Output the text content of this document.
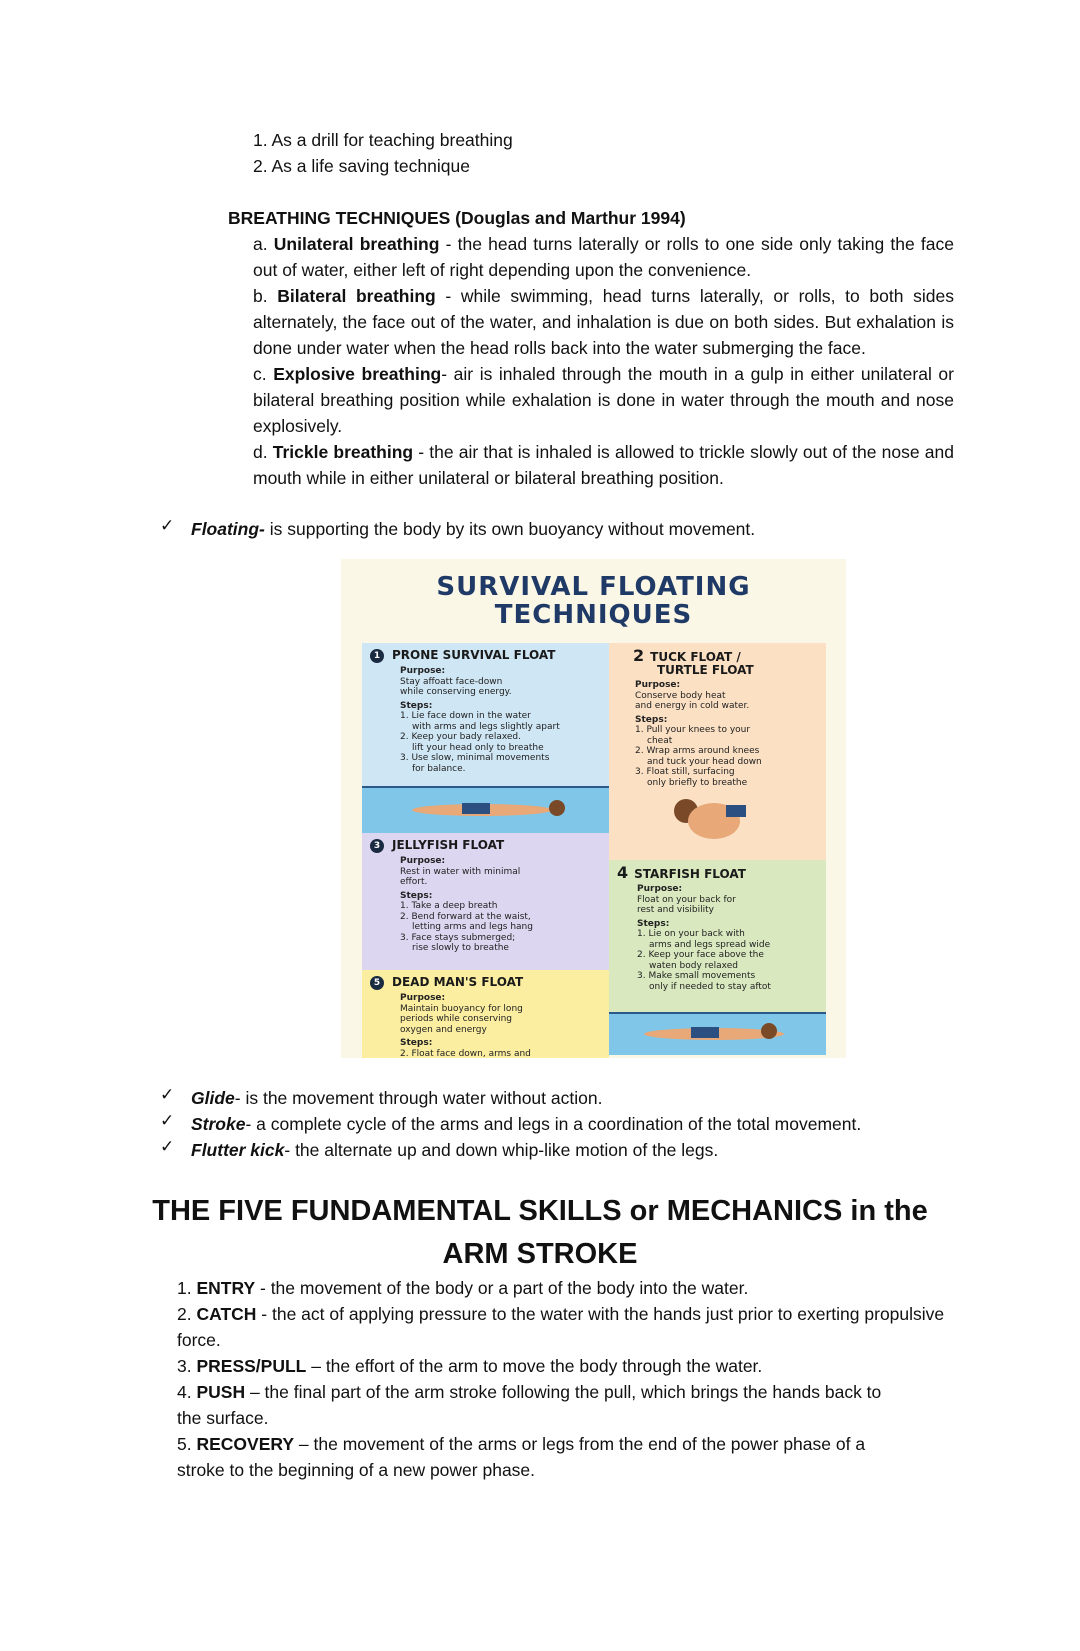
1. As a drill for teaching breathing
2. As a life saving technique
BREATHING TECHNIQUES (Douglas and Marthur 1994)
a. Unilateral breathing - the head turns laterally or rolls to one side only taking the face out of water, either left of right depending upon the convenience.
b. Bilateral breathing - while swimming, head turns laterally, or rolls, to both sides alternately, the face out of the water, and inhalation is due on both sides. But exhalation is done under water when the head rolls back into the water submerging the face.
c. Explosive breathing- air is inhaled through the mouth in a gulp in either unilateral or bilateral breathing position while exhalation is done in water through the mouth and nose explosively.
d. Trickle breathing - the air that is inhaled is allowed to trickle slowly out of the nose and mouth while in either unilateral or bilateral breathing position.
✓ Floating- is supporting the body by its own buoyancy without movement.
SURVIVAL FLOATING
TECHNIQUES
1 PRONE SURVIVAL FLOAT
Purpose:
Stay affoatt face-down
while conserving energy.
Steps:
1. Lie face down in the water
with arms and legs slightly apart
2. Keep your bady relaxed.
lift your head only to breathe
3. Use slow, minimal movements
for balance.
2 TUCK FLOAT /
TURTLE FLOAT
Purpose:
Conserve body heat
and energy in cold water.
Steps:
1. Pull your knees to your
cheat
2. Wrap arms around knees
and tuck your head down
3. Float still, surfacing
only briefly to breathe
3 JELLYFISH FLOAT
Purpose:
Rest in water with minimal
effort.
Steps:
1. Take a deep breath
2. Bend forward at the waist,
letting arms and legs hang
3. Face stays submerged;
rise slowly to breathe
5 DEAD MAN'S FLOAT
Purpose:
Maintain buoyancy for long
periods while conserving
oxygen and energy
Steps:
2. Float face down, arms and
4 STARFISH FLOAT
Purpose:
Float on your back for
rest and visibility
Steps:
1. Lie on your back with
arms and legs spread wide
2. Keep your face above the
waten body relaxed
3. Make small movements
only if needed to stay aftot
✓ Glide- is the movement through water without action.
✓ Stroke- a complete cycle of the arms and legs in a coordination of the total movement.
✓ Flutter kick- the alternate up and down whip-like motion of the legs.
THE FIVE FUNDAMENTAL SKILLS or MECHANICS in the
ARM STROKE
1. ENTRY - the movement of the body or a part of the body into the water.
2. CATCH - the act of applying pressure to the water with the hands just prior to exerting propulsive force.
3. PRESS/PULL – the effort of the arm to move the body through the water.
4. PUSH – the final part of the arm stroke following the pull, which brings the hands back to the surface.
5. RECOVERY – the movement of the arms or legs from the end of the power phase of a stroke to the beginning of a new power phase.
